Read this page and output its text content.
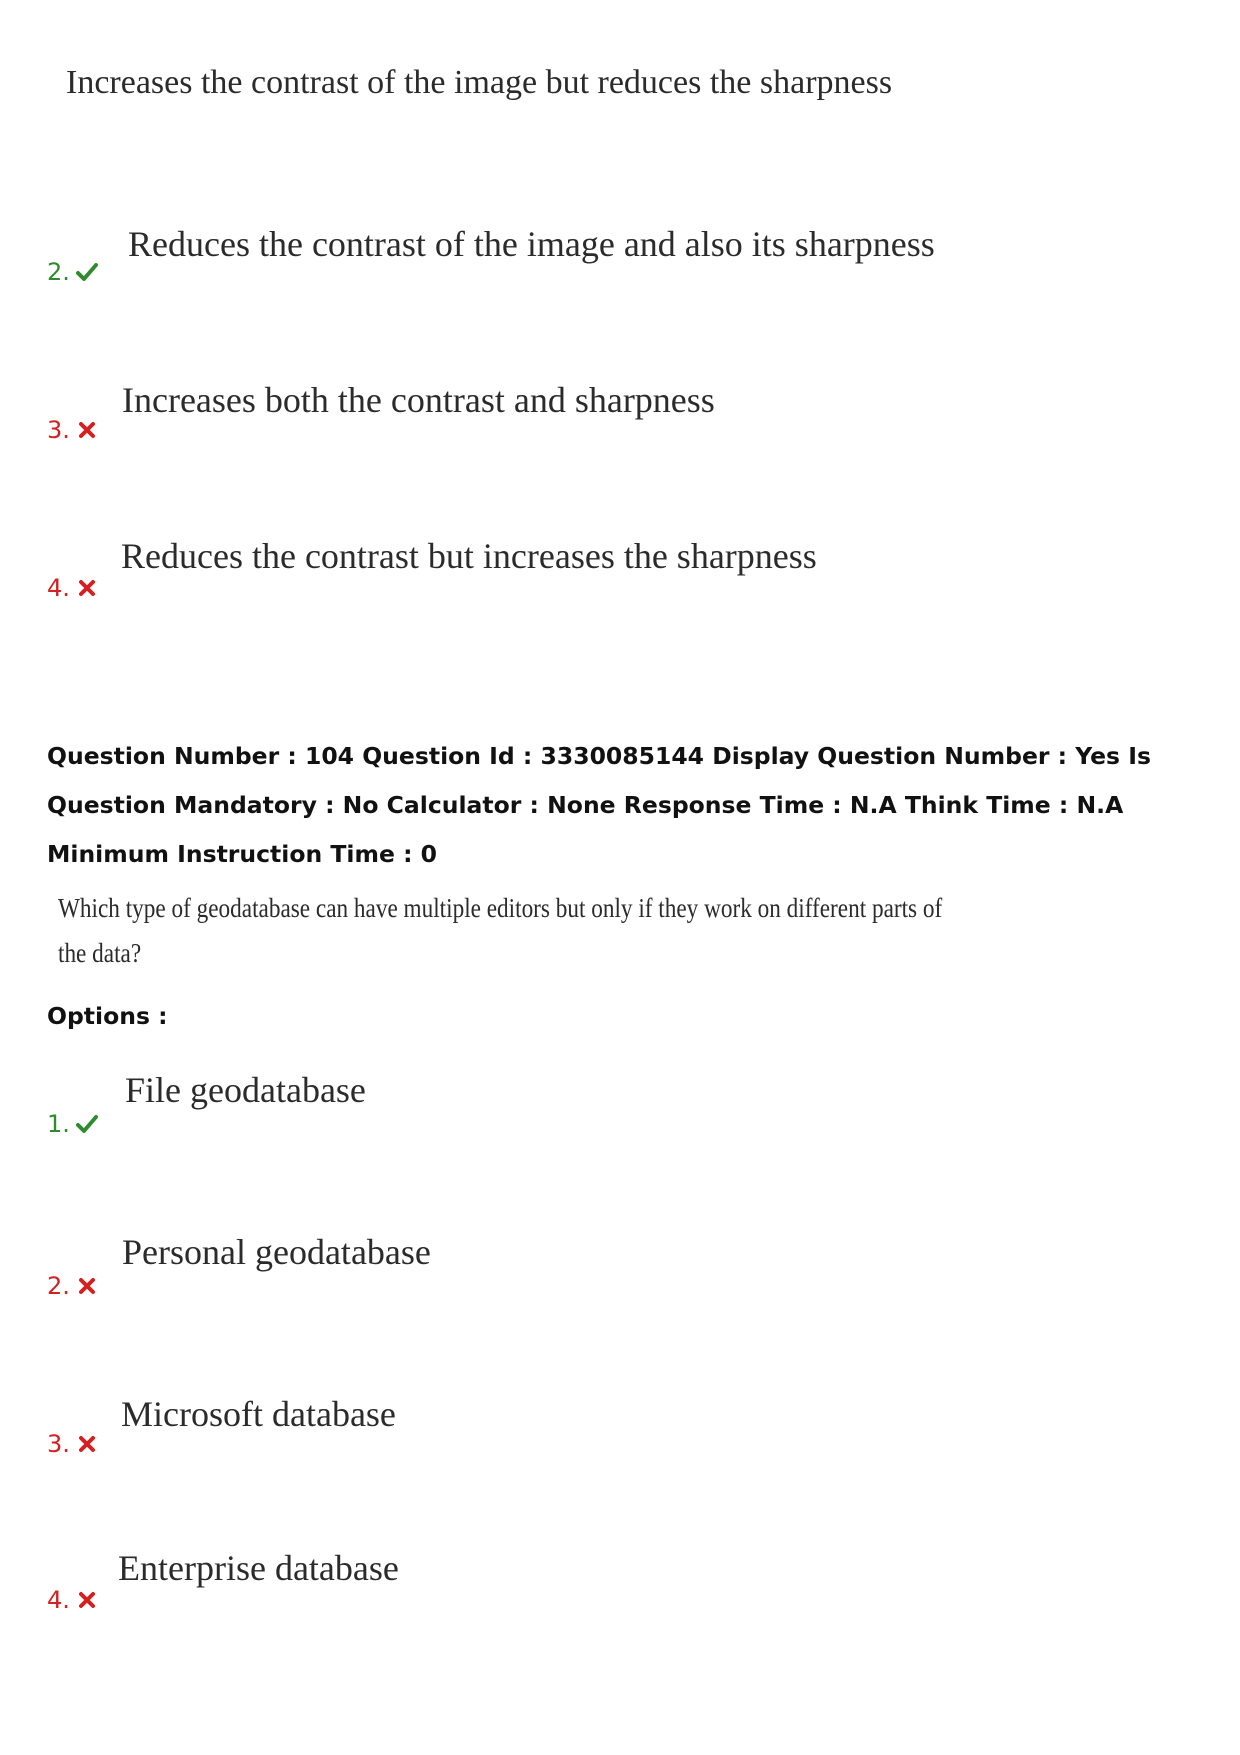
Increases the contrast of the image but reduces the sharpness
2.
Reduces the contrast of the image and also its sharpness
3.
Increases both the contrast and sharpness
4.
Reduces the contrast but increases the sharpness
Question Number : 104 Question Id : 3330085144 Display Question Number : Yes Is Question Mandatory : No Calculator : None Response Time : N.A Think Time : N.A Minimum Instruction Time : 0
Which type of geodatabase can have multiple editors but only if they work on different parts of the data?
Options :
1.
File geodatabase
2.
Personal geodatabase
3.
Microsoft database
4.
Enterprise database
